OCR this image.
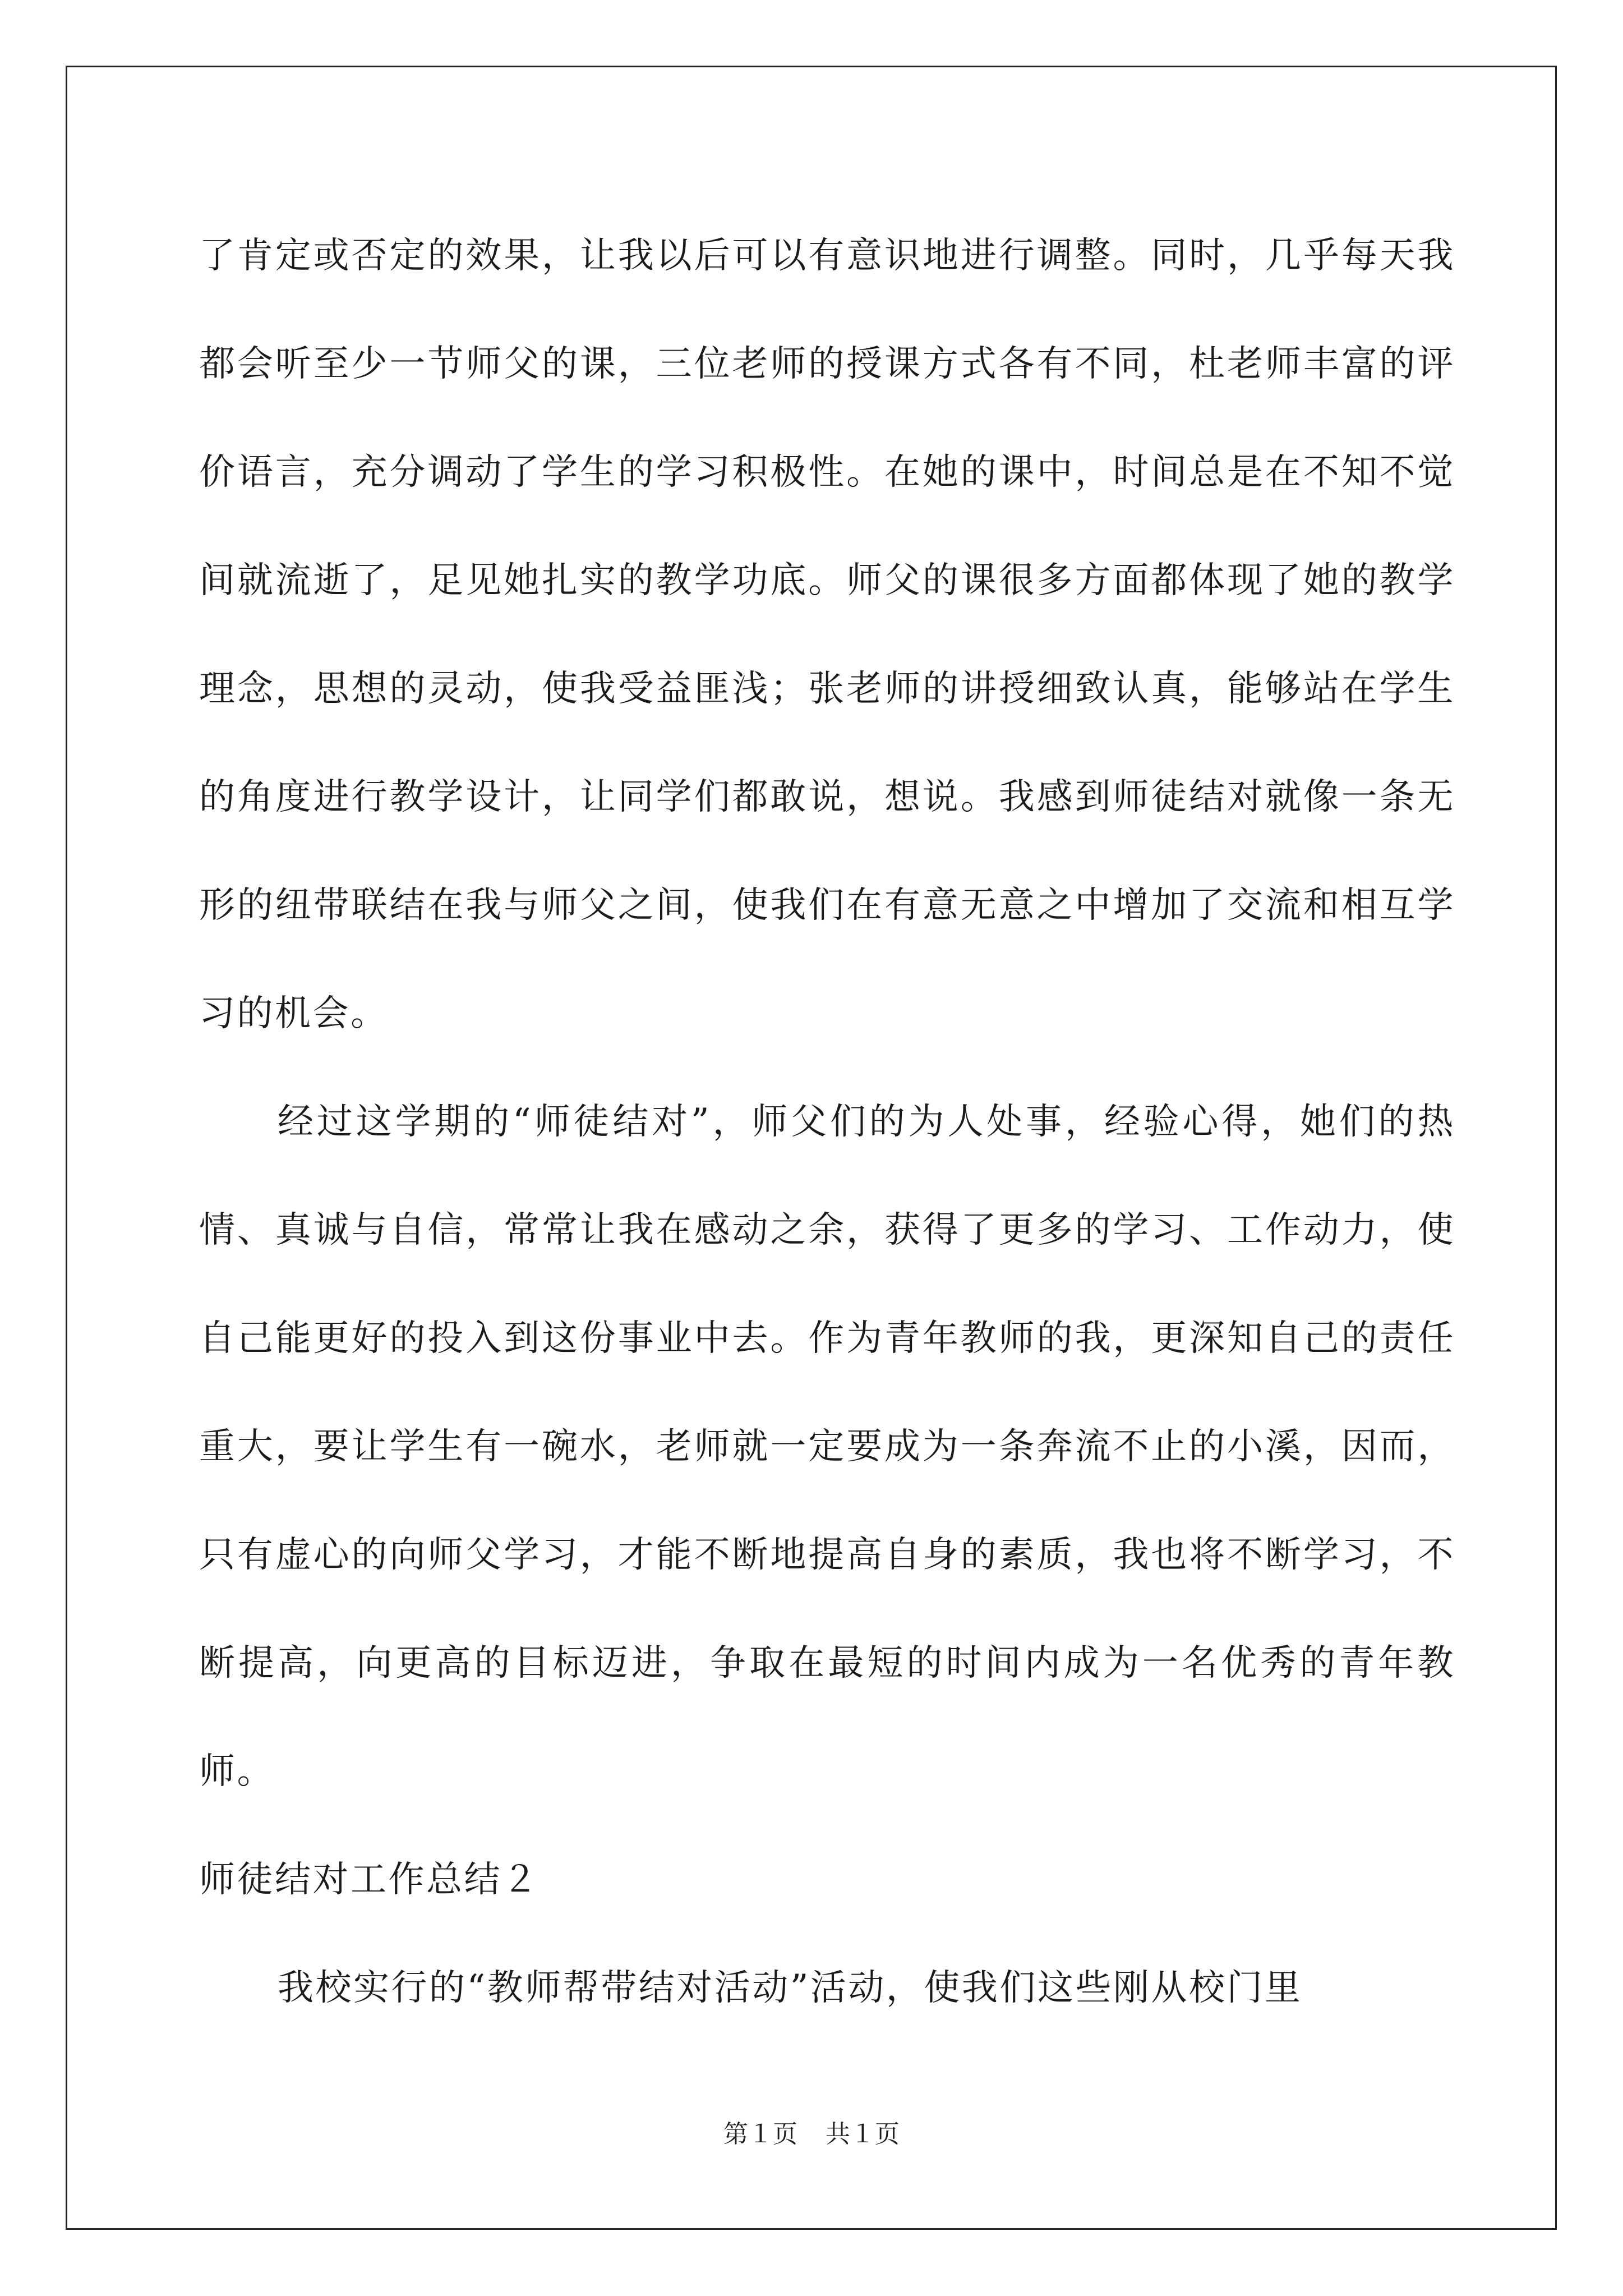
了肯定或否定的效果，让我以后可以有意识地进行调整。同时，几乎每天我都会听至少一节师父的课，三位老师的授课方式各有不同，杜老师丰富的评价语言，充分调动了学生的学习积极性。在她的课中，时间总是在不知不觉间就流逝了，足见她扎实的教学功底。师父的课很多方面都体现了她的教学理念，思想的灵动，使我受益匪浅；张老师的讲授细致认真，能够站在学生的角度进行教学设计，让同学们都敢说，想说。我感到师徒结对就像一条无形的纽带联结在我与师父之间，使我们在有意无意之中增加了交流和相互学习的机会。

经过这学期的“师徒结对”，师父们的为人处事，经验心得，她们的热情、真诚与自信，常常让我在感动之余，获得了更多的学习、工作动力，使自己能更好的投入到这份事业中去。作为青年教师的我，更深知自己的责任重大，要让学生有一碗水，老师就一定要成为一条奔流不止的小溪，因而，只有虚心的向师父学习，才能不断地提高自身的素质，我也将不断学习，不断提高，向更高的目标迈进，争取在最短的时间内成为一名优秀的青年教师。

师徒结对工作总结２

我校实行的“教师帮带结对活动”活动，使我们这些刚从校门里

第１页 共１页
